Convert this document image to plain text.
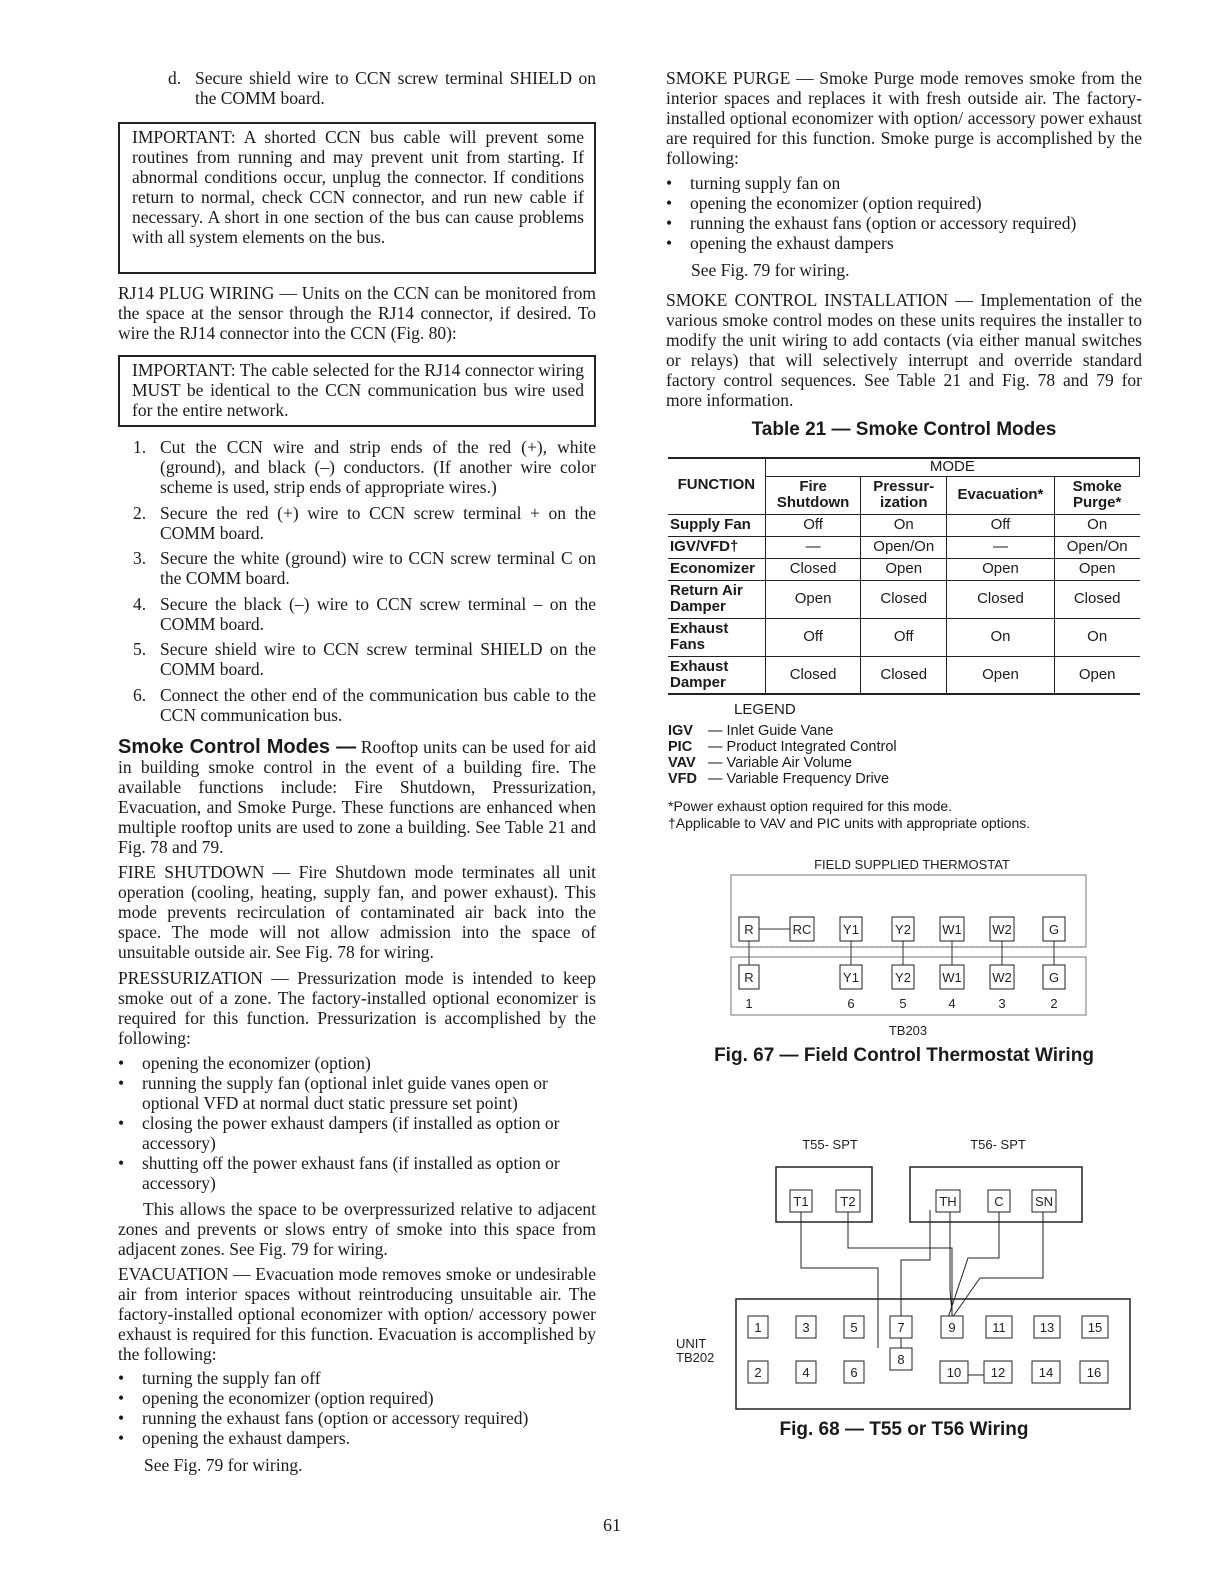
d. Secure shield wire to CCN screw terminal SHIELD on the COMM board.
IMPORTANT: A shorted CCN bus cable will prevent some routines from running and may prevent unit from starting. If abnormal conditions occur, unplug the connector. If conditions return to normal, check CCN connector, and run new cable if necessary. A short in one section of the bus can cause problems with all system elements on the bus.

RJ14 PLUG WIRING — Units on the CCN can be monitored from the space at the sensor through the RJ14 connector, if desired. To wire the RJ14 connector into the CCN (Fig. 80):

IMPORTANT: The cable selected for the RJ14 connector wiring MUST be identical to the CCN communication bus wire used for the entire network.
1. Cut the CCN wire and strip ends of the red (+), white (ground), and black (–) conductors. (If another wire color scheme is used, strip ends of appropriate wires.)
2. Secure the red (+) wire to CCN screw terminal + on the COMM board.
3. Secure the white (ground) wire to CCN screw terminal C on the COMM board.
4. Secure the black (–) wire to CCN screw terminal – on the COMM board.
5. Secure shield wire to CCN screw terminal SHIELD on the COMM board.
6. Connect the other end of the communication bus cable to the CCN communication bus.

Smoke Control Modes — Rooftop units can be used for aid in building smoke control in the event of a building fire. The available functions include: Fire Shutdown, Pressurization, Evacuation, and Smoke Purge. These functions are enhanced when multiple rooftop units are used to zone a building. See Table 21 and Fig. 78 and 79.

FIRE SHUTDOWN — Fire Shutdown mode terminates all unit operation (cooling, heating, supply fan, and power exhaust). This mode prevents recirculation of contaminated air back into the space. The mode will not allow admission into the space of unsuitable outside air. See Fig. 78 for wiring.

PRESSURIZATION — Pressurization mode is intended to keep smoke out of a zone. The factory-installed optional economizer is required for this function. Pressurization is accomplished by the following:

• opening the economizer (option)
• running the supply fan (optional inlet guide vanes open or optional VFD at normal duct static pressure set point)
• closing the power exhaust dampers (if installed as option or accessory)
• shutting off the power exhaust fans (if installed as option or accessory)

This allows the space to be overpressurized relative to adjacent zones and prevents or slows entry of smoke into this space from adjacent zones. See Fig. 79 for wiring.

EVACUATION — Evacuation mode removes smoke or undesirable air from interior spaces without reintroducing unsuitable air. The factory-installed optional economizer with option/ accessory power exhaust is required for this function. Evacuation is accomplished by the following:

• turning the supply fan off
• opening the economizer (option required)
• running the exhaust fans (option or accessory required)
• opening the exhaust dampers.
See Fig. 79 for wiring.

SMOKE PURGE — Smoke Purge mode removes smoke from the interior spaces and replaces it with fresh outside air. The factory-installed optional economizer with option/ accessory power exhaust are required for this function. Smoke purge is accomplished by the following:

• turning supply fan on
• opening the economizer (option required)
• running the exhaust fans (option or accessory required)
• opening the exhaust dampers
See Fig. 79 for wiring.

SMOKE CONTROL INSTALLATION — Implementation of the various smoke control modes on these units requires the installer to modify the unit wiring to add contacts (via either manual switches or relays) that will selectively interrupt and override standard factory control sequences. See Table 21 and Fig. 78 and 79 for more information.

Table 21 — Smoke Control Modes
FUNCTION	MODE			
	Fire Shutdown	Pressur- ization	Evacuation*	Smoke Purge*
Supply Fan	Off	On	Off	On
IGV/VFD†	—	Open/On	—	Open/On
Economizer	Closed	Open	Open	Open
Return Air Damper	Open	Closed	Closed	Closed
Exhaust Fans	Off	Off	On	On
Exhaust Damper	Closed	Closed	Open	Open
LEGEND
IGV — Inlet Guide Vane
PIC — Product Integrated Control
VAV — Variable Air Volume
VFD — Variable Frequency Drive
*Power exhaust option required for this mode.
†Applicable to VAV and PIC units with appropriate options.
FIELD SUPPLIED THERMOSTAT
R	RC Y1	Y2 W1 W2	G
R	Y1	Y2 W1 W2	G
1	6	5	4	3	2
TB203
Fig. 67 — Field Control Thermostat Wiring
T55- SPT	T56- SPT
T1 T2	TH	C SN
1	3	5	7	9	11	13	15
2	4	6
8
10 12	14	16
UNIT
TB202
Fig. 68 — T55 or T56 Wiring
61
